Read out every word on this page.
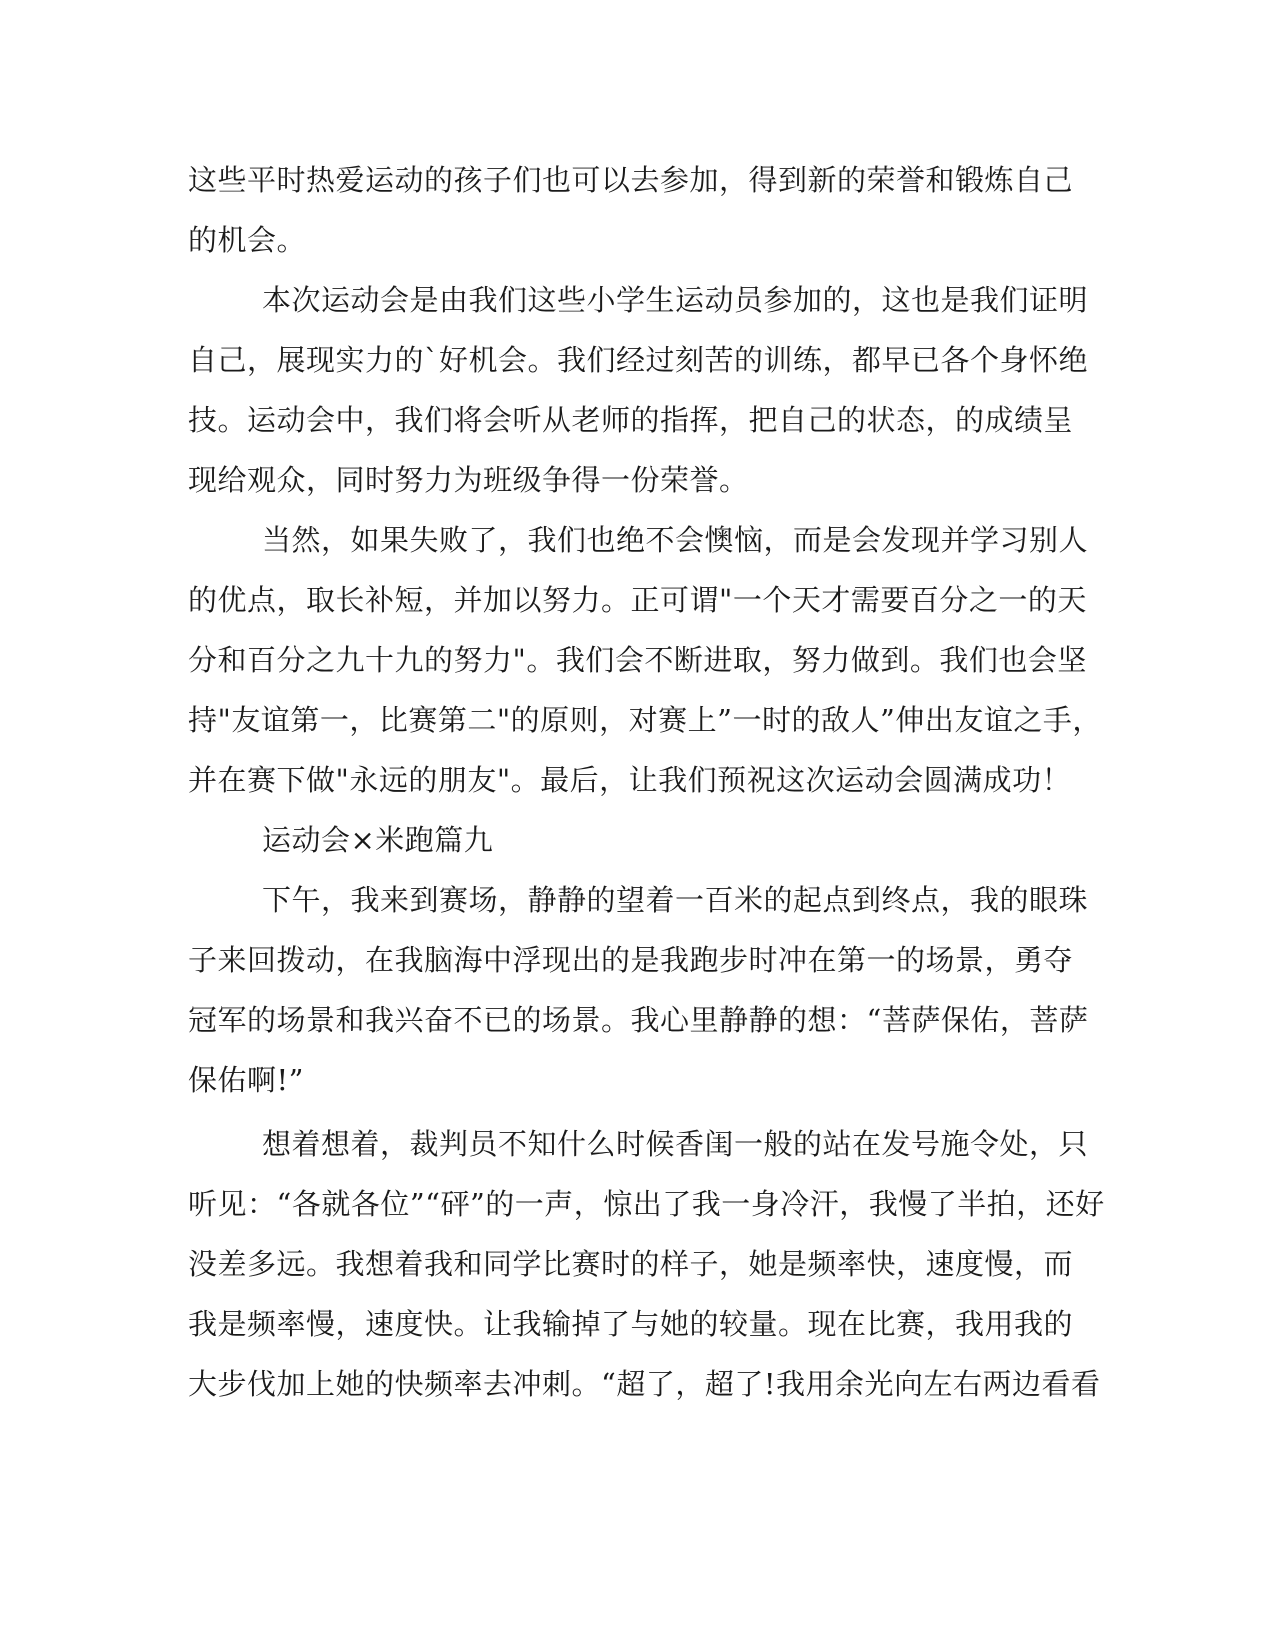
这些平时热爱运动的孩子们也可以去参加，得到新的荣誉和锻炼自己
的机会。
本次运动会是由我们这些小学生运动员参加的，这也是我们证明
自己，展现实力的`好机会。我们经过刻苦的训练，都早已各个身怀绝
技。运动会中，我们将会听从老师的指挥，把自己的状态，的成绩呈
现给观众，同时努力为班级争得一份荣誉。
当然，如果失败了，我们也绝不会懊恼，而是会发现并学习别人
的优点，取长补短，并加以努力。正可谓"一个天才需要百分之一的天
分和百分之九十九的努力"。我们会不断进取，努力做到。我们也会坚
持"友谊第一，比赛第二"的原则，对赛上”一时的敌人”伸出友谊之手，
并在赛下做"永远的朋友"。最后，让我们预祝这次运动会圆满成功！
运动会×米跑篇九
下午，我来到赛场，静静的望着一百米的起点到终点，我的眼珠
子来回拨动，在我脑海中浮现出的是我跑步时冲在第一的场景，勇夺
冠军的场景和我兴奋不已的场景。我心里静静的想：“菩萨保佑，菩萨
保佑啊!”
想着想着，裁判员不知什么时候香闺一般的站在发号施令处，只
听见：“各就各位”“砰”的一声，惊出了我一身冷汗，我慢了半拍，还好
没差多远。我想着我和同学比赛时的样子，她是频率快，速度慢，而
我是频率慢，速度快。让我输掉了与她的较量。现在比赛，我用我的
大步伐加上她的快频率去冲刺。“超了，超了!我用余光向左右两边看看
